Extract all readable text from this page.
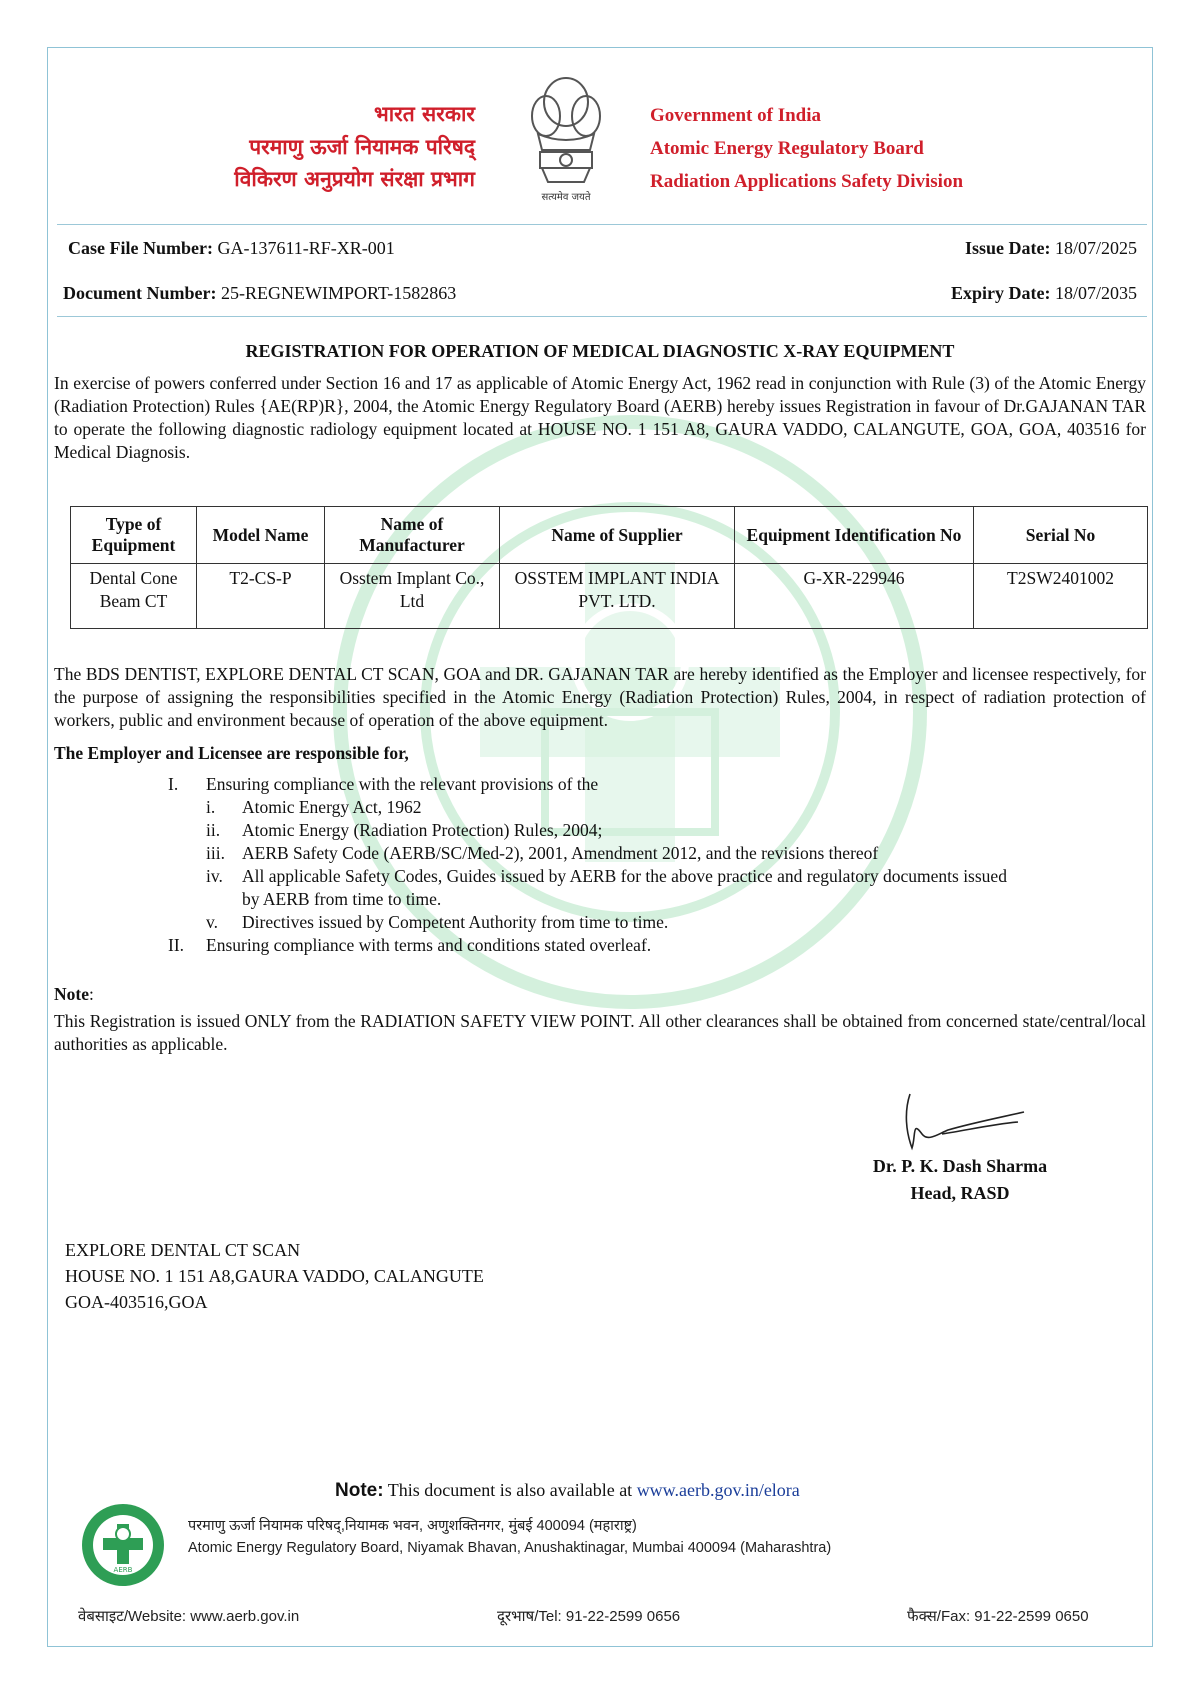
भारत सरकार
परमाणु ऊर्जा नियामक परिषद्
विकिरण अनुप्रयोग संरक्षा प्रभाग
सत्यमेव जयते
Government of India
Atomic Energy Regulatory Board
Radiation Applications Safety Division
Case File Number: GA-137611-RF-XR-001	Issue Date: 18/07/2025
Document Number: 25-REGNEWIMPORT-1582863	Expiry Date: 18/07/2035
REGISTRATION FOR OPERATION OF MEDICAL DIAGNOSTIC X-RAY EQUIPMENT
In exercise of powers conferred under Section 16 and 17 as applicable of Atomic Energy Act, 1962 read in conjunction with Rule (3) of the Atomic Energy (Radiation Protection) Rules {AE(RP)R}, 2004, the Atomic Energy Regulatory Board (AERB) hereby issues Registration in favour of Dr.GAJANAN TAR to operate the following diagnostic radiology equipment located at HOUSE NO. 1 151 A8, GAURA VADDO, CALANGUTE, GOA, GOA, 403516 for Medical Diagnosis.
Type of Equipment	Model Name	Name of Manufacturer	Name of Supplier	Equipment Identification No	Serial No
Dental Cone Beam CT	T2-CS-P	Osstem Implant Co., Ltd	OSSTEM IMPLANT INDIA PVT. LTD.	G-XR-229946	T2SW2401002
The BDS DENTIST, EXPLORE DENTAL CT SCAN, GOA and DR. GAJANAN TAR are hereby identified as the Employer and licensee respectively, for the purpose of assigning the responsibilities specified in the Atomic Energy (Radiation Protection) Rules, 2004, in respect of radiation protection of workers, public and environment because of operation of the above equipment.
The Employer and Licensee are responsible for,
I. Ensuring compliance with the relevant provisions of the
i. Atomic Energy Act, 1962
ii. Atomic Energy (Radiation Protection) Rules, 2004;
iii. AERB Safety Code (AERB/SC/Med-2), 2001, Amendment 2012, and the revisions thereof
iv. All applicable Safety Codes, Guides issued by AERB for the above practice and regulatory documents issued
by AERB from time to time.
v. Directives issued by Competent Authority from time to time.
II. Ensuring compliance with terms and conditions stated overleaf.
Note:
This Registration is issued ONLY from the RADIATION SAFETY VIEW POINT. All other clearances shall be obtained from concerned state/central/local authorities as applicable.
Dr. P. K. Dash Sharma
Head, RASD
EXPLORE DENTAL CT SCAN
HOUSE NO. 1 151 A8,GAURA VADDO, CALANGUTE
GOA-403516,GOA
Note: This document is also available at www.aerb.gov.in/elora
AERB
परमाणु ऊर्जा नियामक परिषद्,नियामक भवन, अणुशक्तिनगर, मुंबई 400094 (महाराष्ट्र)
Atomic Energy Regulatory Board, Niyamak Bhavan, Anushaktinagar, Mumbai 400094 (Maharashtra)
वेबसाइट/Website: www.aerb.gov.in	दूरभाष/Tel: 91-22-2599 0656	फैक्स/Fax: 91-22-2599 0650
